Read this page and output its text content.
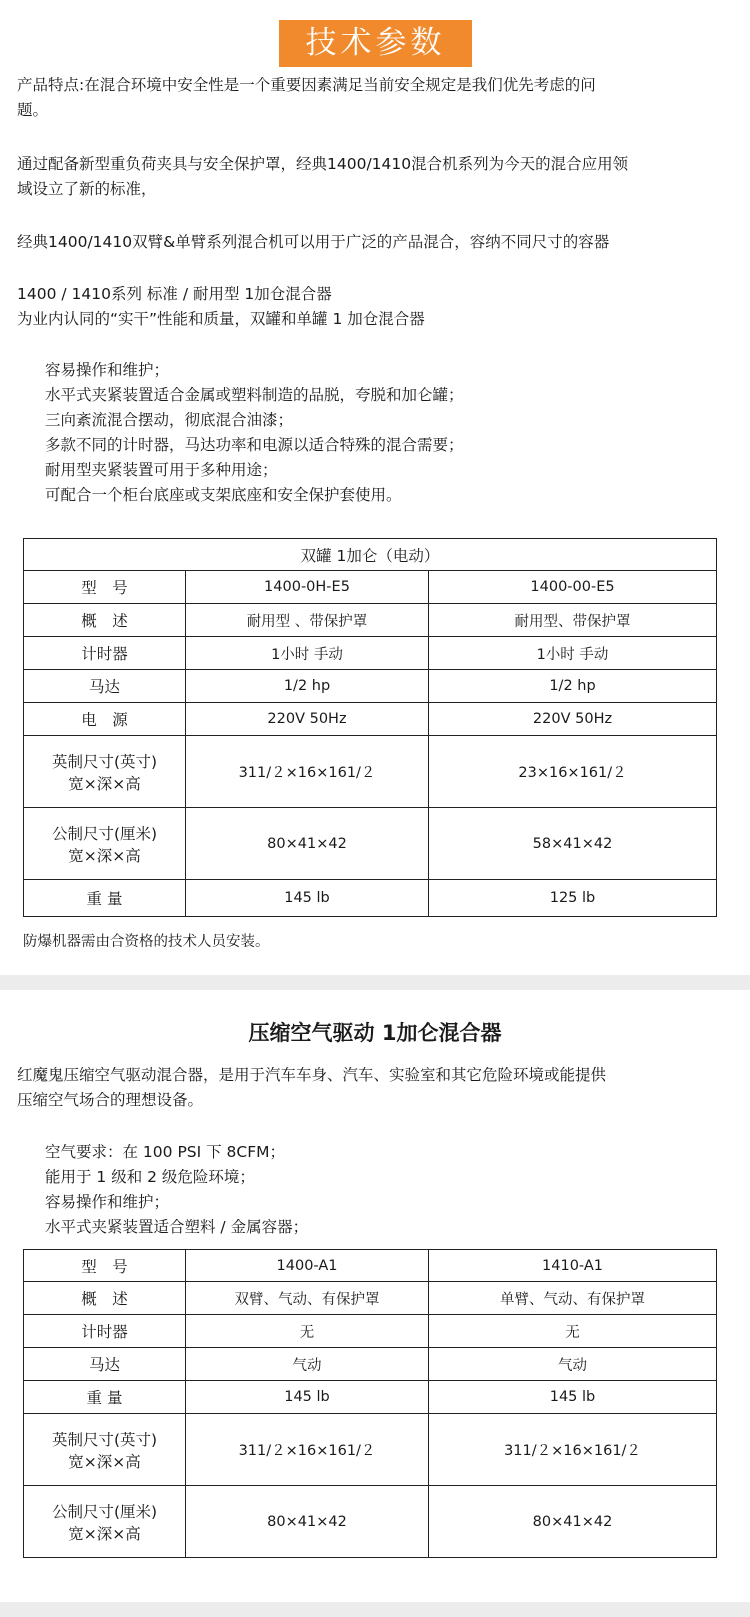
技术参数
产品特点:在混合环境中安全性是一个重要因素满足当前安全规定是我们优先考虑的问
题。
通过配备新型重负荷夹具与安全保护罩，经典1400/1410混合机系列为今天的混合应用领
域设立了新的标准，
经典1400/1410双臂&单臂系列混合机可以用于广泛的产品混合，容纳不同尺寸的容器
1400 / 1410系列 标准 / 耐用型 1加仓混合器
为业内认同的“实干”性能和质量，双罐和单罐 1 加仓混合器
容易操作和维护；
水平式夹紧装置适合金属或塑料制造的品脱，夸脱和加仑罐；
三向紊流混合摆动，彻底混合油漆；
多款不同的计时器，马达功率和电源以适合特殊的混合需要；
耐用型夹紧装置可用于多种用途；
可配合一个柜台底座或支架底座和安全保护套使用。
双罐 1加仑（电动）		
型　号	1400-0H-E5	1400-00-E5
概　述	耐用型 、带保护罩	耐用型、带保护罩
计时器	1小时 手动	1小时 手动
马达	1/2 hp	1/2 hp
电　源	220V 50Hz	220V 50Hz

英制尺寸(英寸)
宽×深×高	311/２×16×161/２	23×16×161/２

公制尺寸(厘米)
宽×深×高	80×41×42	58×41×42
重 量	145 lb	125 lb
防爆机器需由合资格的技术人员安装。
压缩空气驱动 1加仑混合器
红魔鬼压缩空气驱动混合器，是用于汽车车身、汽车、实验室和其它危险环境或能提供
压缩空气场合的理想设备。
空气要求：在 100 PSI 下 8CFM；
能用于 1 级和 2 级危险环境；
容易操作和维护；
水平式夹紧装置适合塑料 / 金属容器；
型　号	1400-A1	1410-A1
概　述	双臂、气动、有保护罩	单臂、气动、有保护罩
计时器	无	无
马达	气动	气动
重 量	145 lb	145 lb

英制尺寸(英寸)
宽×深×高	311/２×16×161/２	311/２×16×161/２

公制尺寸(厘米)
宽×深×高	80×41×42	80×41×42
